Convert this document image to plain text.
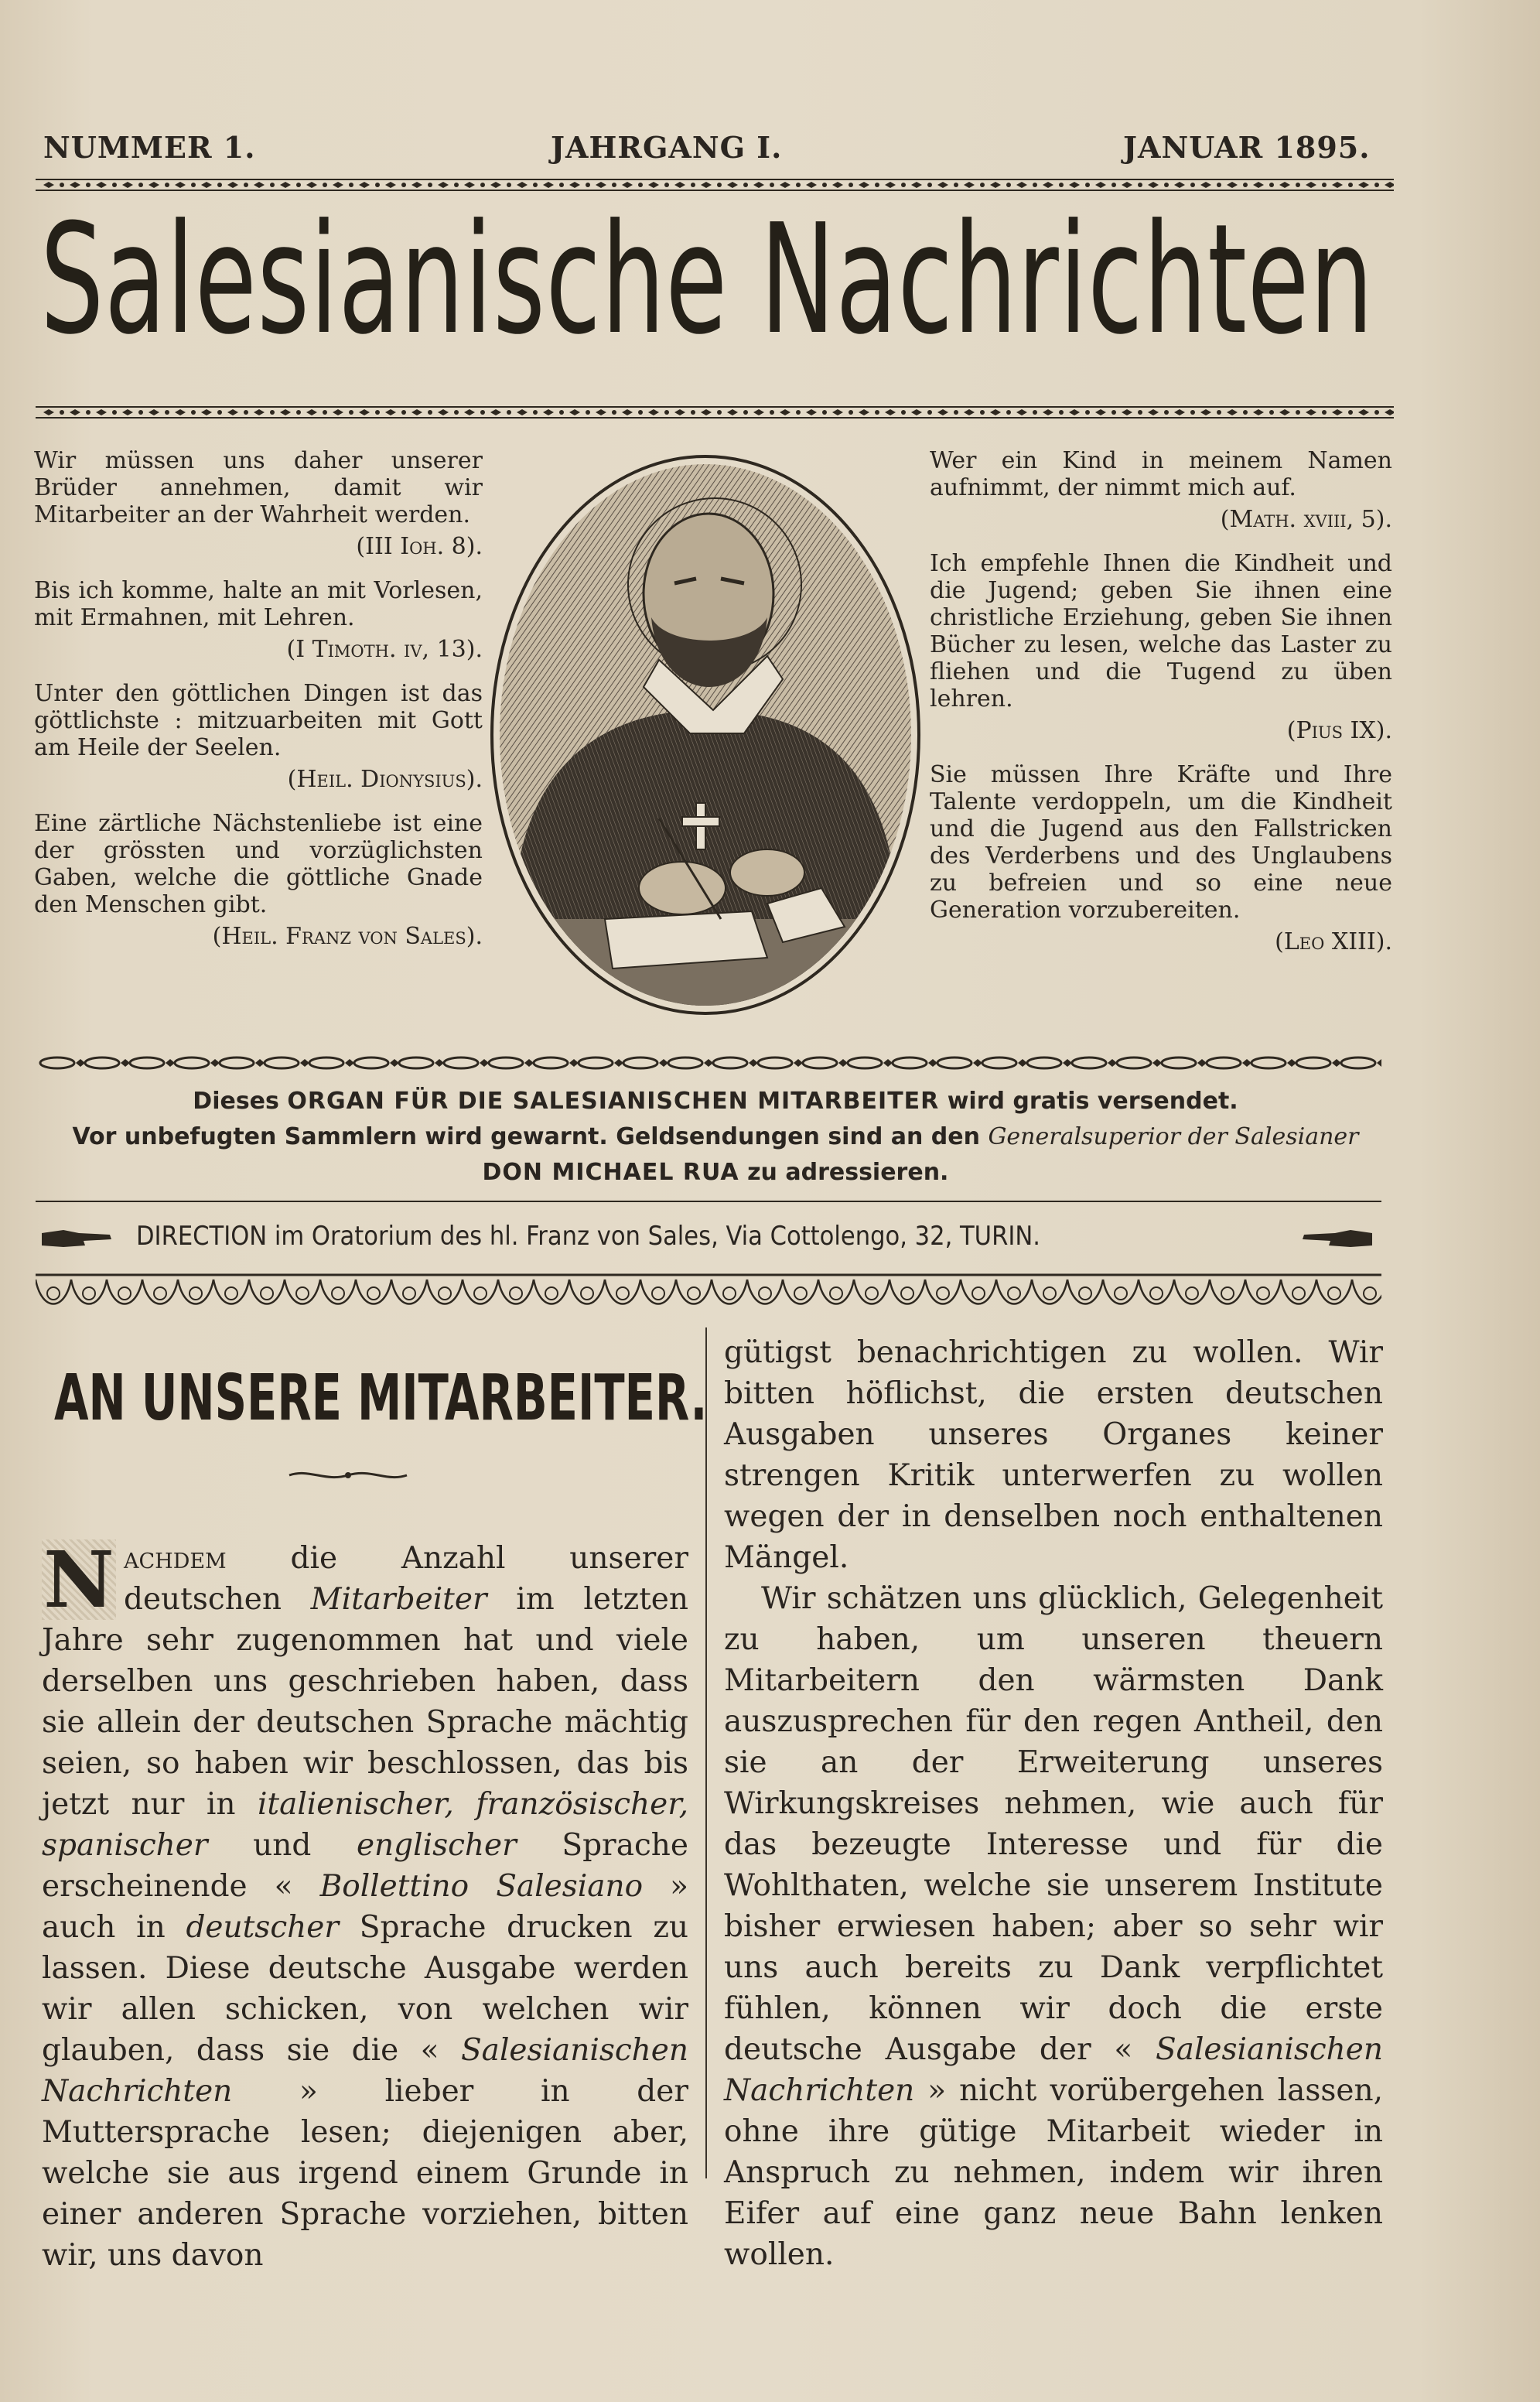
NUMMER 1.	JAHRGANG I.	JANUAR 1895.
Salesianische Nachrichten
Wir müssen uns daher unserer Brüder annehmen, damit wir Mitarbeiter an der Wahrheit werden.
(III Ioh. 8).
Bis ich komme, halte an mit Vorlesen, mit Ermahnen, mit Lehren.
(I Timoth. iv, 13).
Unter den göttlichen Dingen ist das göttlichste : mitzuarbeiten mit Gott am Heile der Seelen.
(Heil. Dionysius).
Eine zärtliche Nächstenliebe ist eine der grössten und vorzüglichsten Gaben, welche die göttliche Gnade den Menschen gibt.
(Heil. Franz von Sales).
Wer ein Kind in meinem Namen aufnimmt, der nimmt mich auf.
(Math. xviii, 5).
Ich empfehle Ihnen die Kindheit und die Jugend; geben Sie ihnen eine christliche Erziehung, geben Sie ihnen Bücher zu lesen, welche das Laster zu fliehen und die Tugend zu üben lehren.
(Pius IX).
Sie müssen Ihre Kräfte und Ihre Talente verdoppeln, um die Kindheit und die Jugend aus den Fallstricken des Verderbens und des Unglaubens zu befreien und so eine neue Generation vorzubereiten.
(Leo XIII).
Dieses ORGAN FÜR DIE SALESIANISCHEN MITARBEITER wird gratis versendet.
Vor unbefugten Sammlern wird gewarnt. Geldsendungen sind an den Generalsuperior der Salesianer
DON MICHAEL RUA zu adressieren.
DIRECTION im Oratorium des hl. Franz von Sales, Via Cottolengo, 32, TURIN.
AN UNSERE MITARBEITER.

N achdem die Anzahl unserer deutschen Mitarbeiter im letzten Jahre sehr zugenommen hat und viele derselben uns geschrieben haben, dass sie allein der deutschen Sprache mächtig seien, so haben wir beschlossen, das bis jetzt nur in italienischer, französischer, spanischer und englischer Sprache erscheinende « Bollettino Salesiano » auch in deutscher Sprache drucken zu lassen. Diese deutsche Ausgabe werden wir allen schicken, von welchen wir glauben, dass sie die « Salesianischen Nachrichten » lieber in der Muttersprache lesen; diejenigen aber, welche sie aus irgend einem Grunde in einer anderen Sprache vorziehen, bitten wir, uns davon

gütigst benachrichtigen zu wollen. Wir bitten höflichst, die ersten deutschen Ausgaben unseres Organes keiner strengen Kritik unterwerfen zu wollen wegen der in denselben noch enthaltenen Mängel.

Wir schätzen uns glücklich, Gelegenheit zu haben, um unseren theuern Mitarbeitern den wärmsten Dank auszusprechen für den regen Antheil, den sie an der Erweiterung unseres Wirkungskreises nehmen, wie auch für das bezeugte Interesse und für die Wohlthaten, welche sie unserem Institute bisher erwiesen haben; aber so sehr wir uns auch bereits zu Dank verpflichtet fühlen, können wir doch die erste deutsche Ausgabe der « Salesianischen Nachrichten » nicht vorübergehen lassen, ohne ihre gütige Mitarbeit wieder in Anspruch zu nehmen, indem wir ihren Eifer auf eine ganz neue Bahn lenken wollen.
